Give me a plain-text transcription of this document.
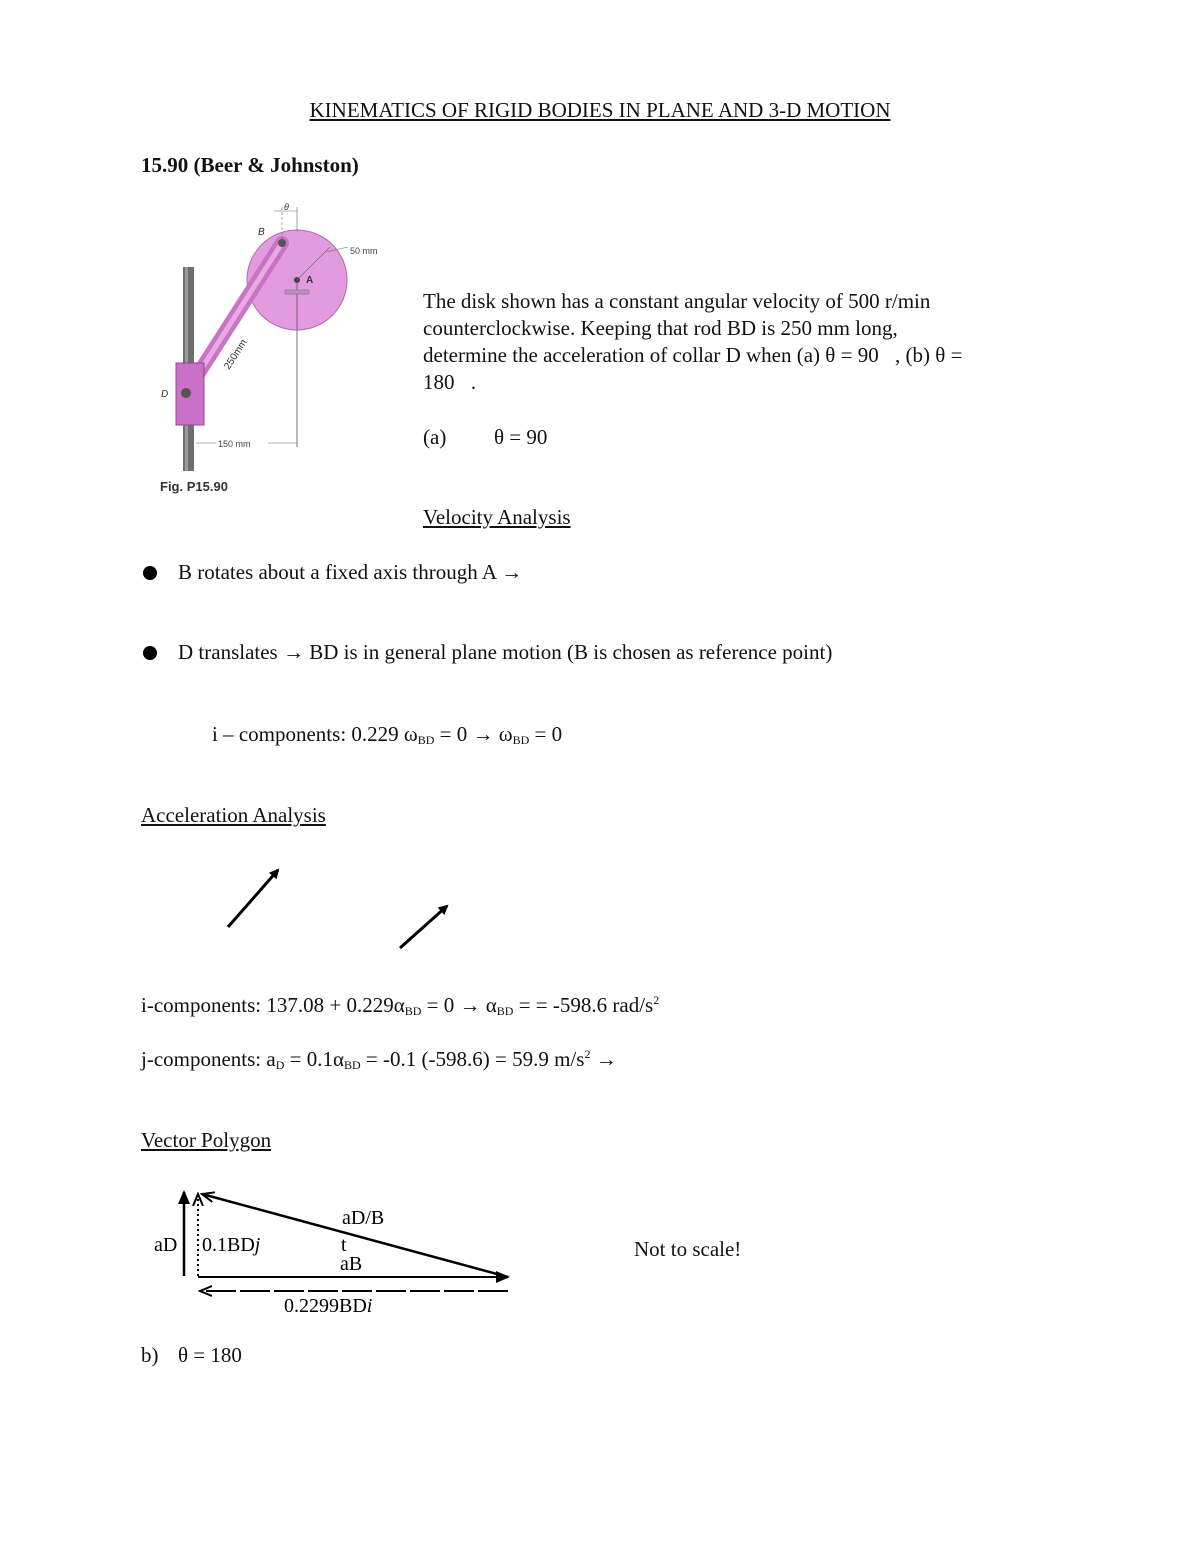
KINEMATICS OF RIGID BODIES IN PLANE AND 3-D MOTION
15.90 (Beer & Johnston)
θ
B
A
D
50 mm
250mm
150 mm
Fig. P15.90
The disk shown has a constant angular velocity of 500 r/min
counterclockwise. Keeping that rod BD is 250 mm long,
determine the acceleration of collar D when (a) θ = 90⃞, (b) θ =
180⃞.
(a) θ = 90⃞
Velocity Analysis
B rotates about a fixed axis through A →
D translates → BD is in general plane motion (B is chosen as reference point)
i – components: 0.229 $\omega_{BD} = 0 \to \omega_{BD} = 0$
Acceleration Analysis
i-components: $137.08 + 0.229\alpha_{BD} = 0 \to \alpha_{BD}$ = = -598.6 rad/$s^2$
j-components: $a_D = 0.1\alpha_{BD} = -0.1$ (-598.6) = 59.9 $m/s^2$ →
Vector Polygon
aD/B
t
aB
aD 0.1BDj
0.2299BDi
Not to scale!
b) θ = 180⃞
